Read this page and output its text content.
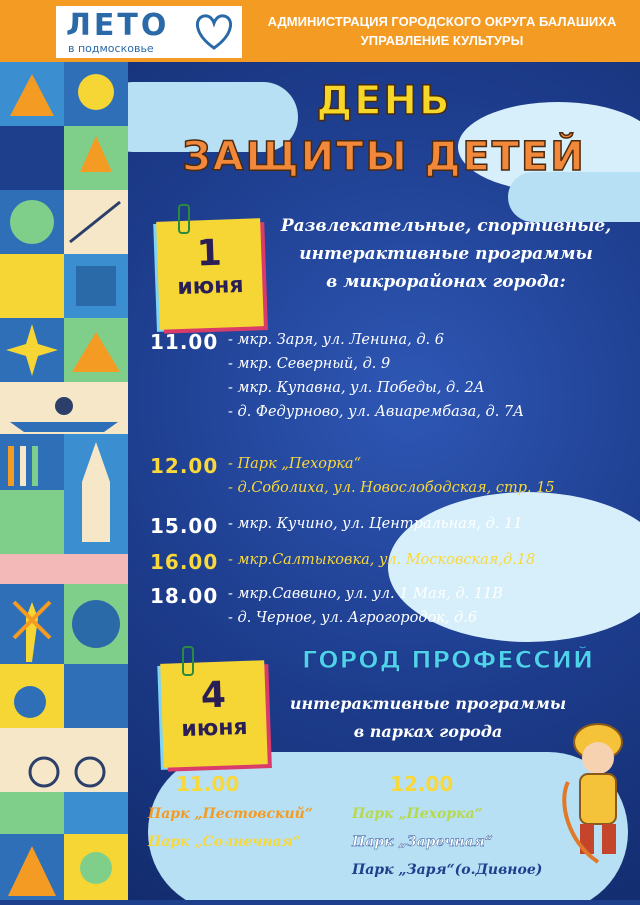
ЛЕТО
в подмосковье
АДМИНИСТРАЦИЯ ГОРОДСКОГО ОКРУГА БАЛАШИХА
УПРАВЛЕНИЕ КУЛЬТУРЫ
ДЕНЬ
ЗАЩИТЫ ДЕТЕЙ
1
июня
Развлекательные, спортивные,
интерактивные программы
в микрорайонах города:
11.00 - мкр. Заря, ул. Ленина, д. 6
- мкр. Северный, д. 9
- мкр. Купавна, ул. Победы, д. 2А
- д. Федурново, ул. Авиарембаза, д. 7А
12.00 - Парк „Пехорка“
- д.Соболиха, ул. Новослободская, стр. 15
15.00 - мкр. Кучино, ул. Центральная, д. 11
16.00 - мкр.Салтыковка, ул. Московская,д.18
18.00 - мкр.Саввино, ул. ул. 1 Мая, д. 11В
- д. Черное, ул. Агрогородок, д.6
4
июня
ГОРОД ПРОФЕССИЙ
интерактивные программы
в парках города
11.00	12.00
Парк „Пестовский“
Парк „Солнечная“
Парк „Пехорка“
Парк „Заречная“
Парк „Заря“(о.Дивное)
